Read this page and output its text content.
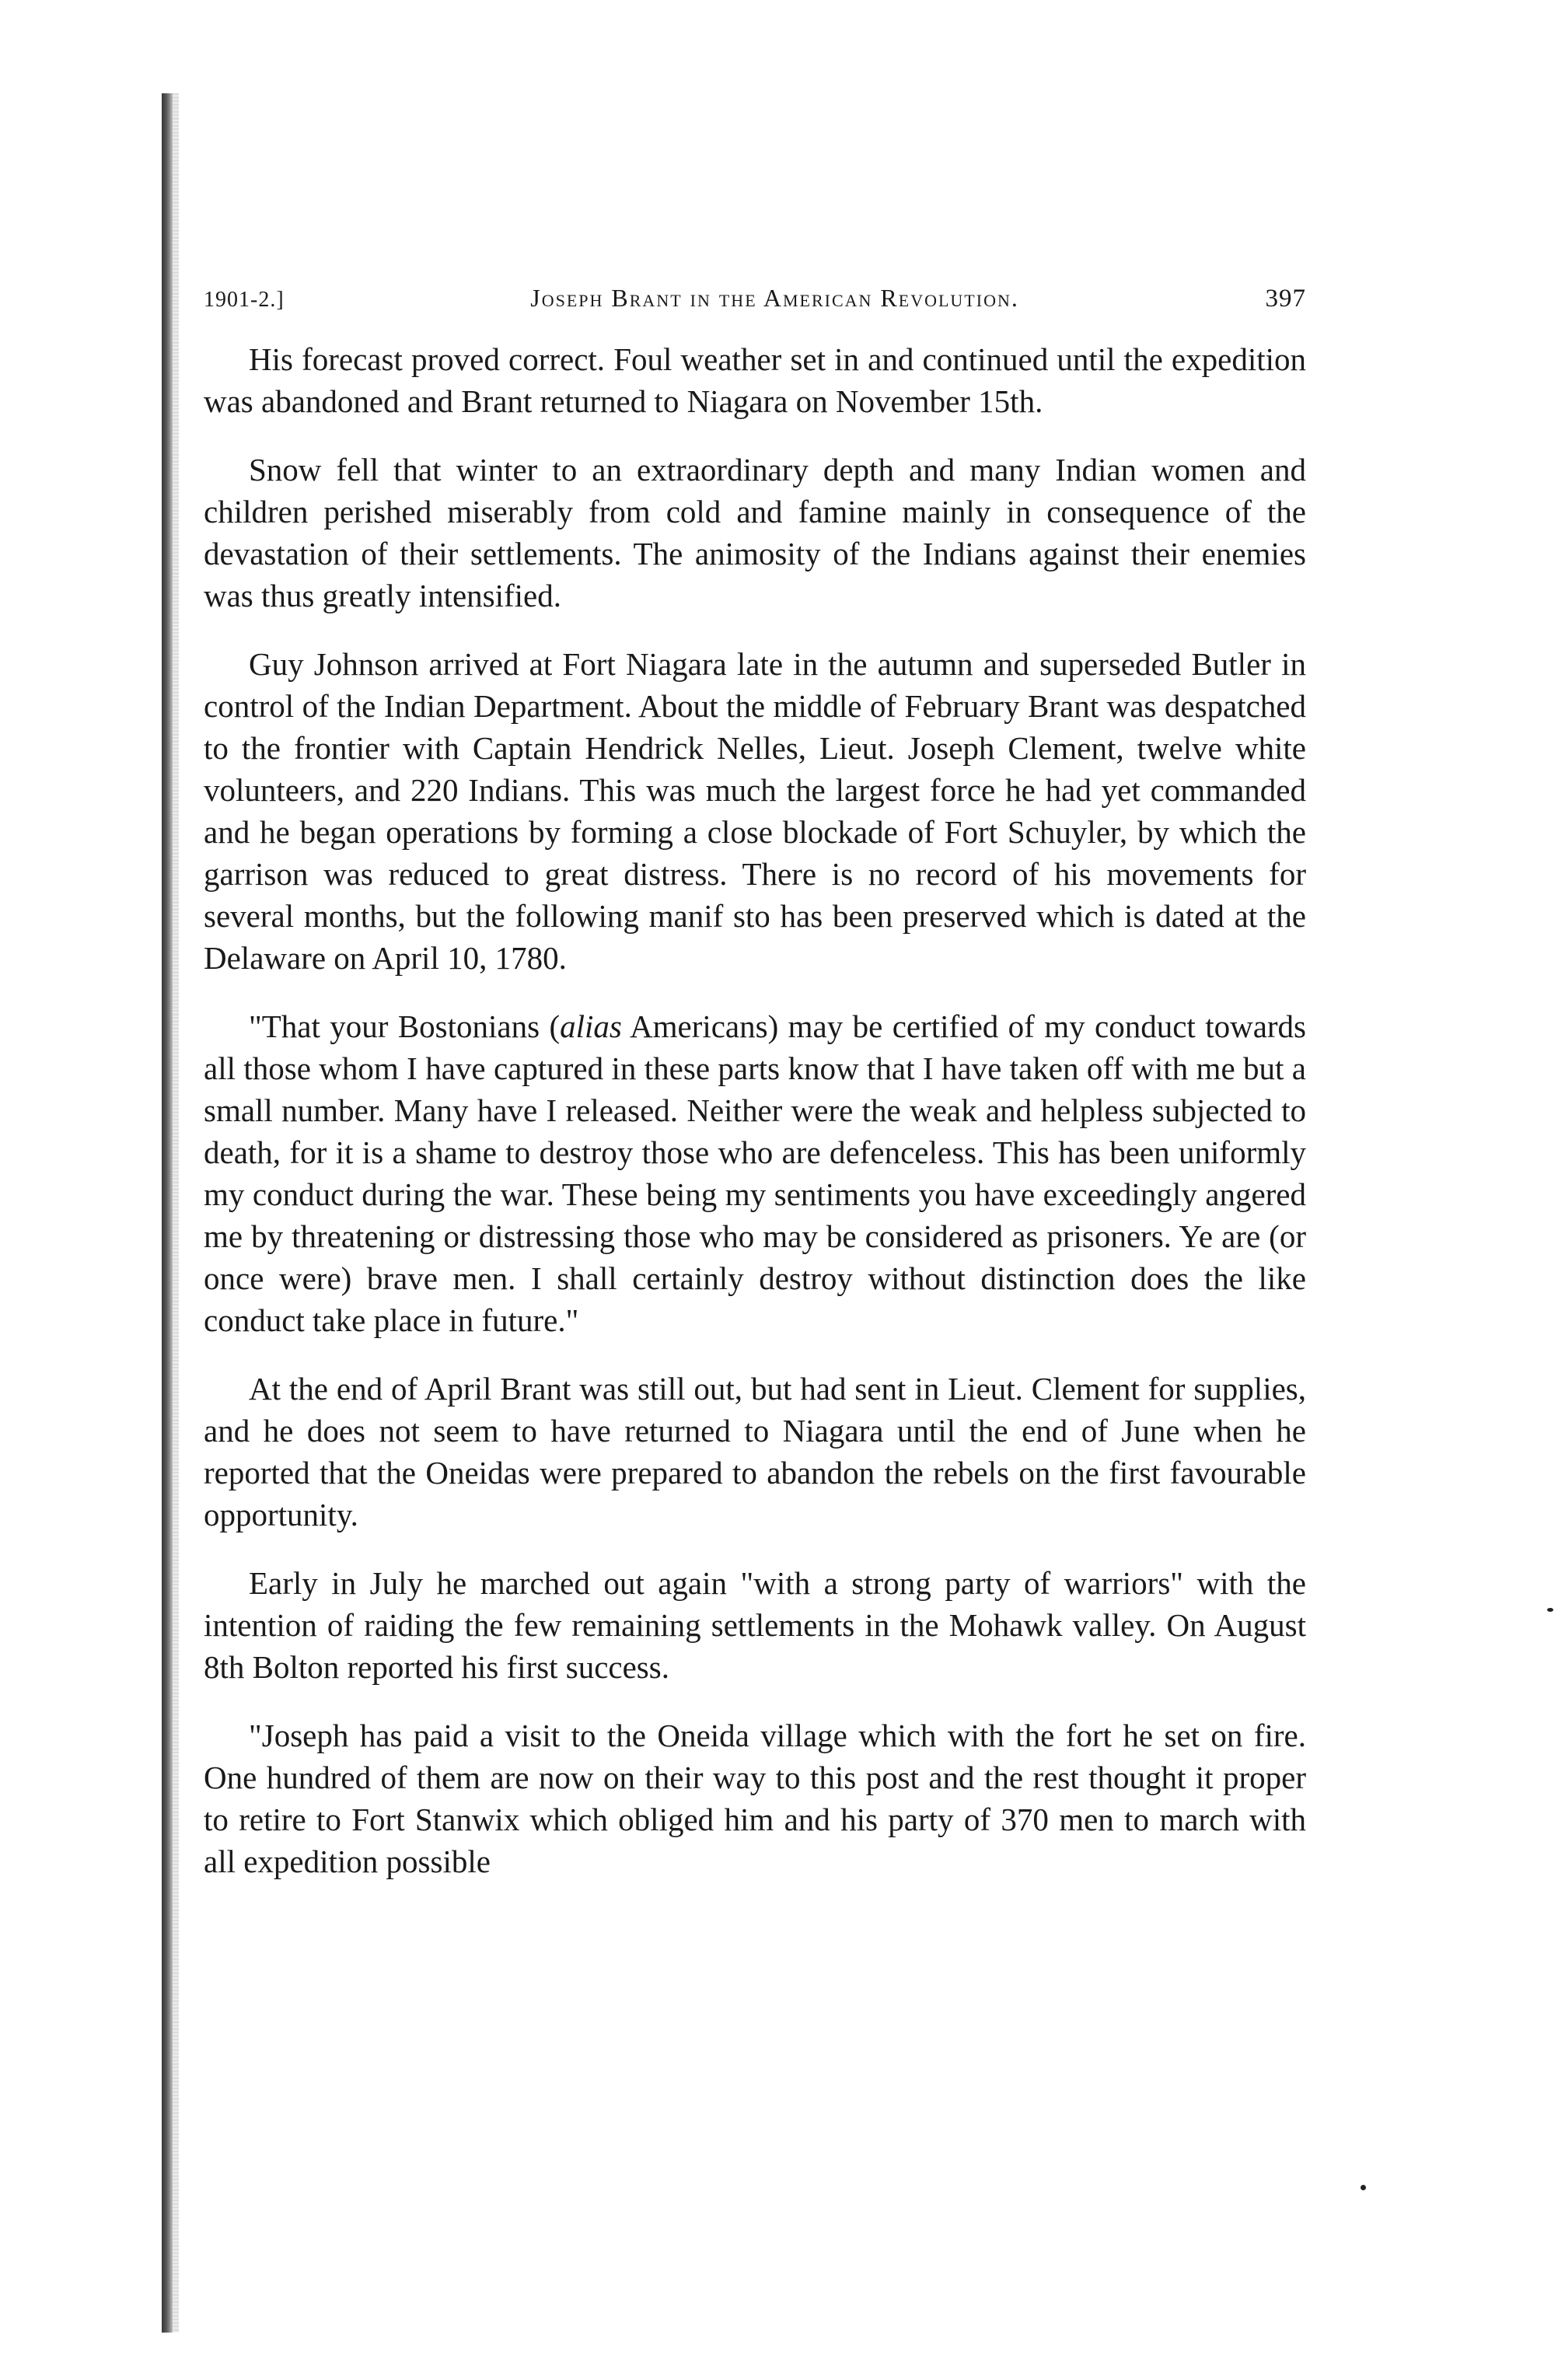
1901-2.]	Joseph Brant in the American Revolution.	397

His forecast proved correct. Foul weather set in and continued until the expedition was abandoned and Brant returned to Niagara on November 15th.

Snow fell that winter to an extraordinary depth and many Indian women and children perished miserably from cold and famine mainly in consequence of the devastation of their settlements. The animosity of the Indians against their enemies was thus greatly intensified.

Guy Johnson arrived at Fort Niagara late in the autumn and superseded Butler in control of the Indian Department. About the middle of February Brant was despatched to the frontier with Captain Hendrick Nelles, Lieut. Joseph Clement, twelve white volunteers, and 220 Indians. This was much the largest force he had yet commanded and he began operations by forming a close blockade of Fort Schuyler, by which the garrison was reduced to great distress. There is no record of his movements for several months, but the following manif sto has been preserved which is dated at the Delaware on April 10, 1780.

"That your Bostonians (alias Americans) may be certified of my conduct towards all those whom I have captured in these parts know that I have taken off with me but a small number. Many have I released. Neither were the weak and helpless subjected to death, for it is a shame to destroy those who are defenceless. This has been uniformly my conduct during the war. These being my sentiments you have exceedingly angered me by threatening or distressing those who may be considered as prisoners. Ye are (or once were) brave men. I shall certainly destroy without distinction does the like conduct take place in future."

At the end of April Brant was still out, but had sent in Lieut. Clement for supplies, and he does not seem to have returned to Niagara until the end of June when he reported that the Oneidas were prepared to abandon the rebels on the first favourable opportunity.

Early in July he marched out again "with a strong party of warriors" with the intention of raiding the few remaining settlements in the Mohawk valley. On August 8th Bolton reported his first success.

"Joseph has paid a visit to the Oneida village which with the fort he set on fire. One hundred of them are now on their way to this post and the rest thought it proper to retire to Fort Stanwix which obliged him and his party of 370 men to march with all expedition possible
